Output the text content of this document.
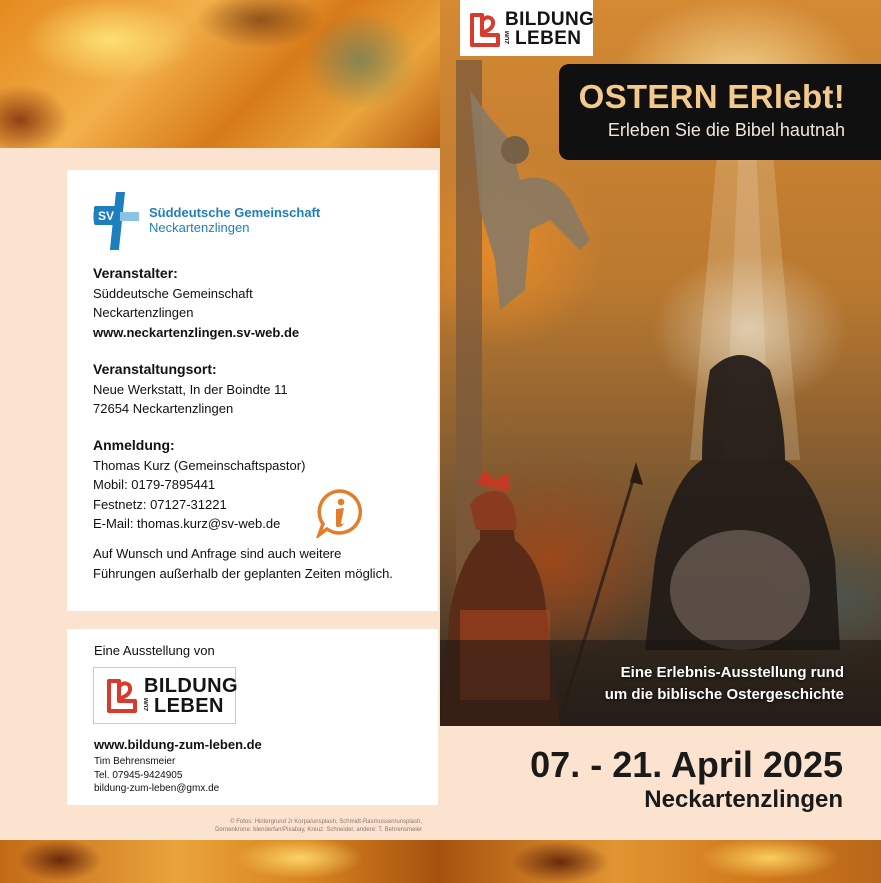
SV	Süddeutsche Gemeinschaft
Neckartenzlingen
Veranstalter:
Süddeutsche Gemeinschaft
Neckartenzlingen
www.neckartenzlingen.sv-web.de
Veranstaltungsort:
Neue Werkstatt, In der Boindte 11
72654 Neckartenzlingen
Anmeldung:
Thomas Kurz (Gemeinschaftspastor)
Mobil: 0179-7895441
Festnetz: 07127-31221
E-Mail: thomas.kurz@sv-web.de
Auf Wunsch und Anfrage sind auch weitere
Führungen außerhalb der geplanten Zeiten möglich.
Eine Ausstellung von
BILDUNG
ZUM LEBEN
www.bildung-zum-leben.de
Tim Behrensmeier
Tel. 07945-9424905
bildung-zum-leben@gmx.de
© Fotos: Hintergrund Jr Korpa/unsplash, Schmidt-Rasmussen/unsplash,
Dornenkrone: blenderfan/Pixabay, Kreuz: Schneider, andere: T. Behrensmeier
BILDUNG
ZUM LEBEN
OSTERN ERlebt!
Erleben Sie die Bibel hautnah
Eine Erlebnis-Ausstellung rund
um die biblische Ostergeschichte
07. - 21. April 2025
Neckartenzlingen
